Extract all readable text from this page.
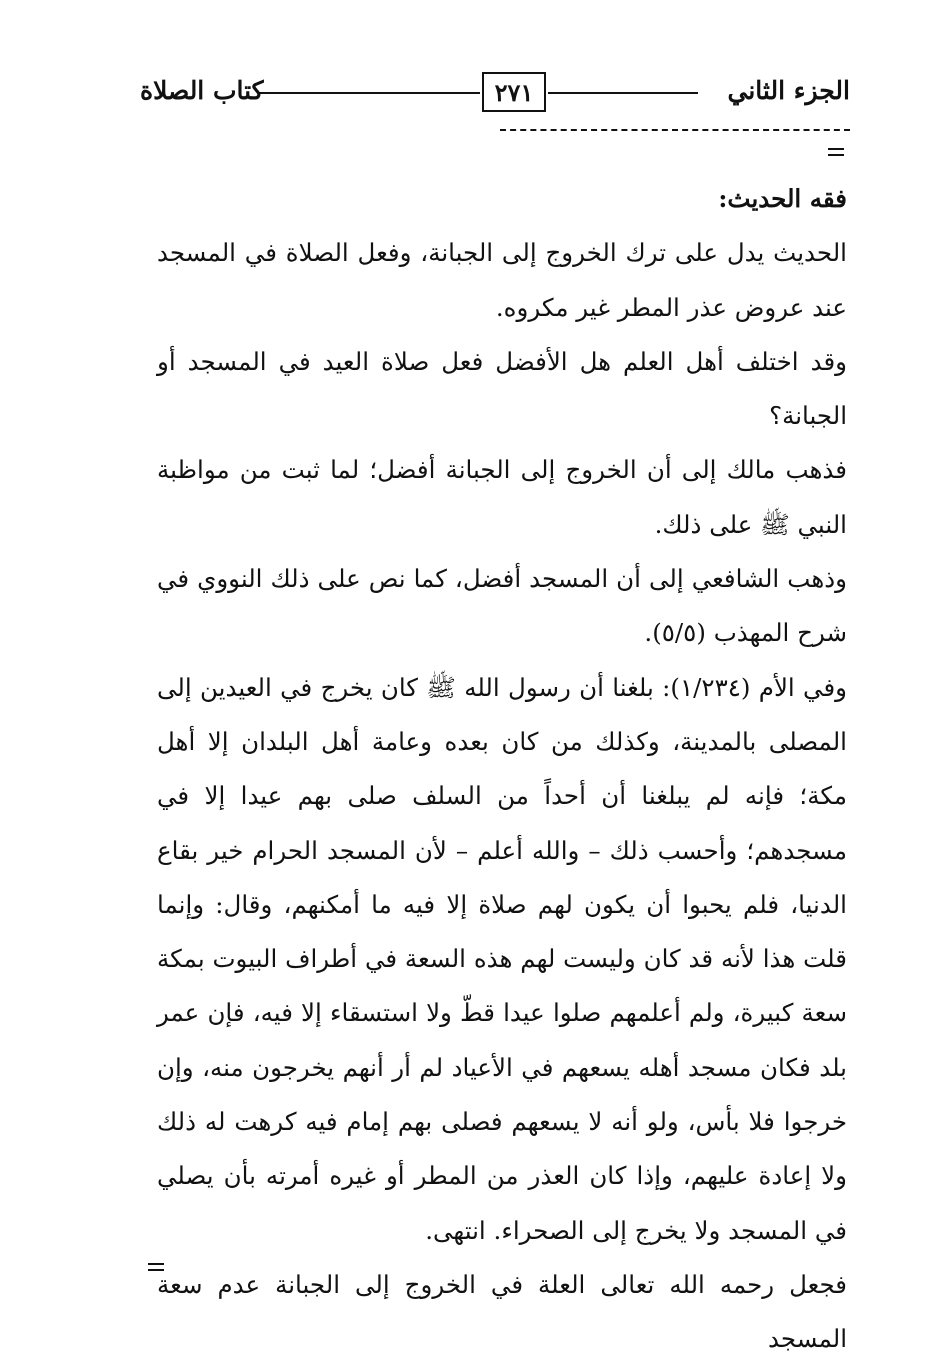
الجزء الثاني
٢٧١
كتاب الصلاة

فقه الحديث:

الحديث يدل على ترك الخروج إلى الجبانة، وفعل الصلاة في المسجد عند عروض عذر المطر غير مكروه.

وقد اختلف أهل العلم هل الأفضل فعل صلاة العيد في المسجد أو الجبانة؟

فذهب مالك إلى أن الخروج إلى الجبانة أفضل؛ لما ثبت من مواظبة النبي ﷺ على ذلك.

وذهب الشافعي إلى أن المسجد أفضل، كما نص على ذلك النووي في شرح المهذب (٥/٥).

وفي الأم (١/٢٣٤): بلغنا أن رسول الله ﷺ كان يخرج في العيدين إلى المصلى بالمدينة، وكذلك من كان بعده وعامة أهل البلدان إلا أهل مكة؛ فإنه لم يبلغنا أن أحداً من السلف صلى بهم عيدا إلا في مسجدهم؛ وأحسب ذلك – والله أعلم – لأن المسجد الحرام خير بقاع الدنيا، فلم يحبوا أن يكون لهم صلاة إلا فيه ما أمكنهم، وقال: وإنما قلت هذا لأنه قد كان وليست لهم هذه السعة في أطراف البيوت بمكة سعة كبيرة، ولم أعلمهم صلوا عيدا قطّ ولا استسقاء إلا فيه، فإن عمر بلد فكان مسجد أهله يسعهم في الأعياد لم أر أنهم يخرجون منه، وإن خرجوا فلا بأس، ولو أنه لا يسعهم فصلى بهم إمام فيه كرهت له ذلك ولا إعادة عليهم، وإذا كان العذر من المطر أو غيره أمرته بأن يصلي في المسجد ولا يخرج إلى الصحراء. انتهى.

فجعل رحمه الله تعالى العلة في الخروج إلى الجبانة عدم سعة المسجد
